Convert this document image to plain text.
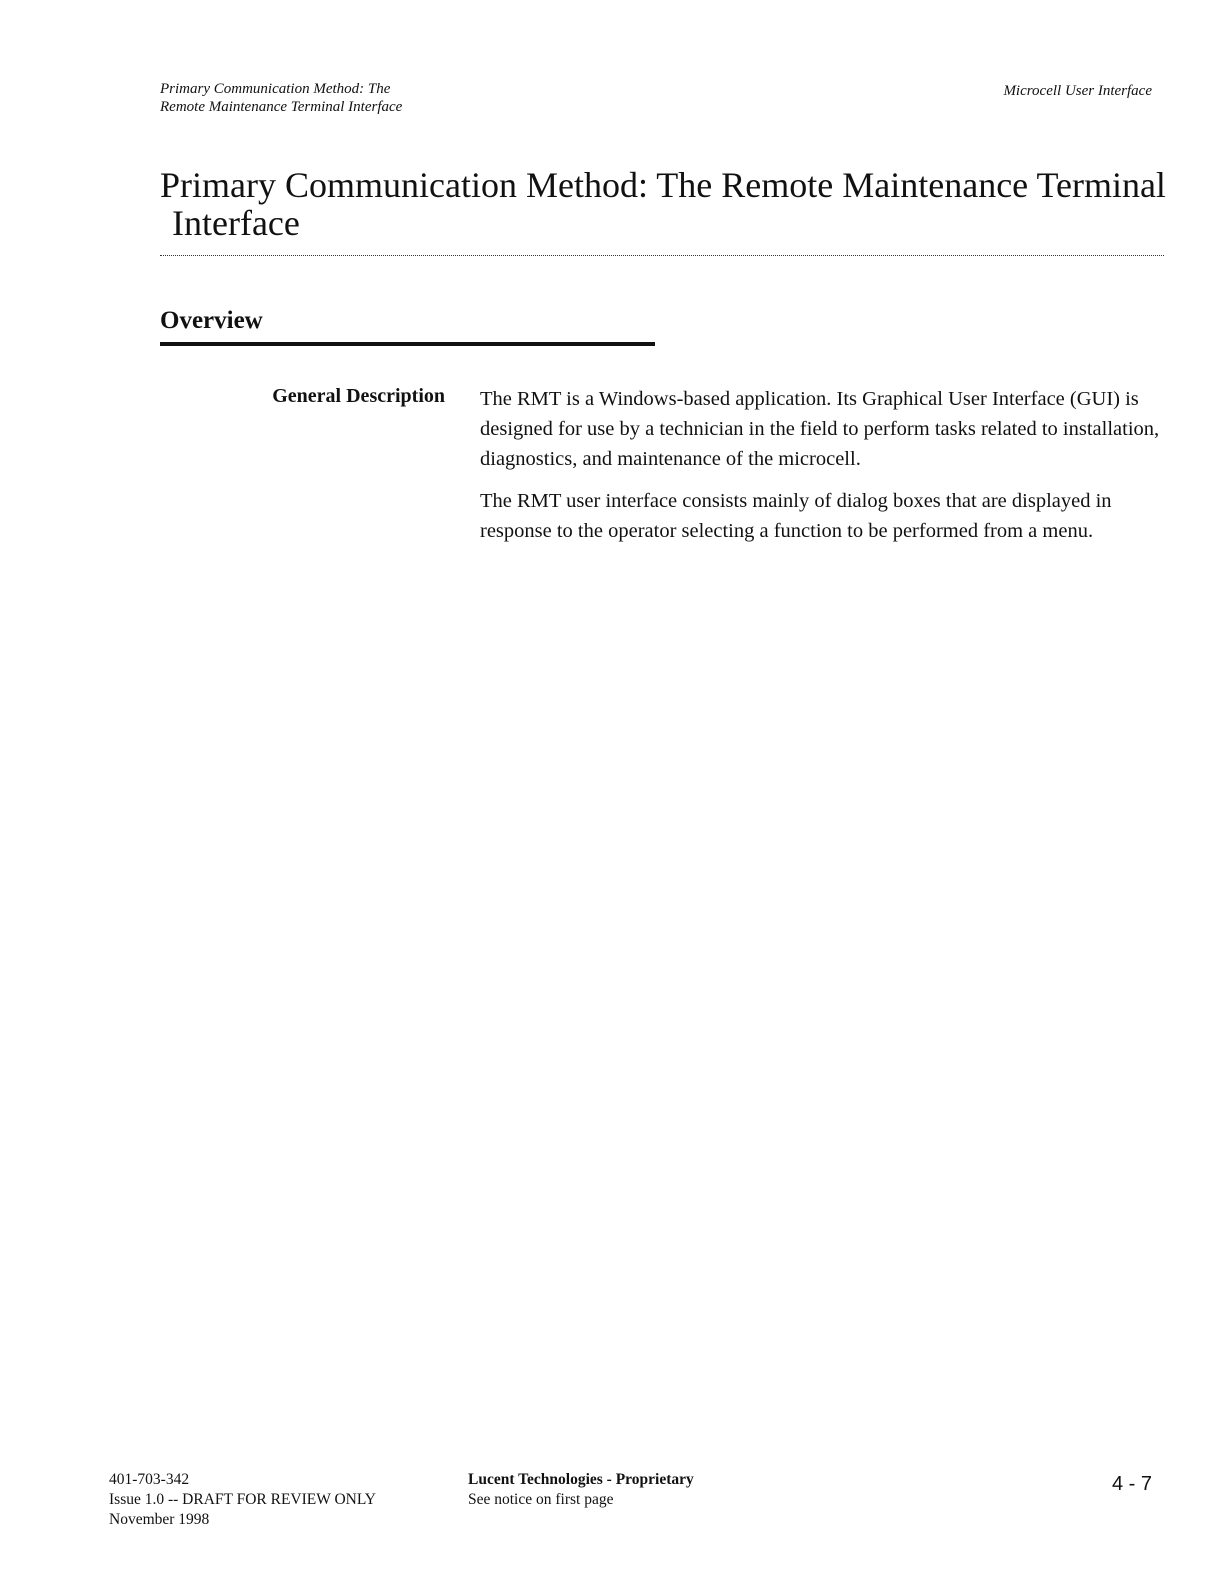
Primary Communication Method: The
Remote Maintenance Terminal Interface
Microcell User Interface
Primary Communication Method: The Remote Maintenance Terminal
Interface
Overview
General Description The RMT is a Windows-based application. Its Graphical User Interface (GUI) is designed for use by a technician in the field to perform tasks related to installation, diagnostics, and maintenance of the microcell.

The RMT user interface consists mainly of dialog boxes that are displayed in response to the operator selecting a function to be performed from a menu.

401-703-342
Issue 1.0 -- DRAFT FOR REVIEW ONLY
November 1998
Lucent Technologies - Proprietary
See notice on first page
4 - 7
